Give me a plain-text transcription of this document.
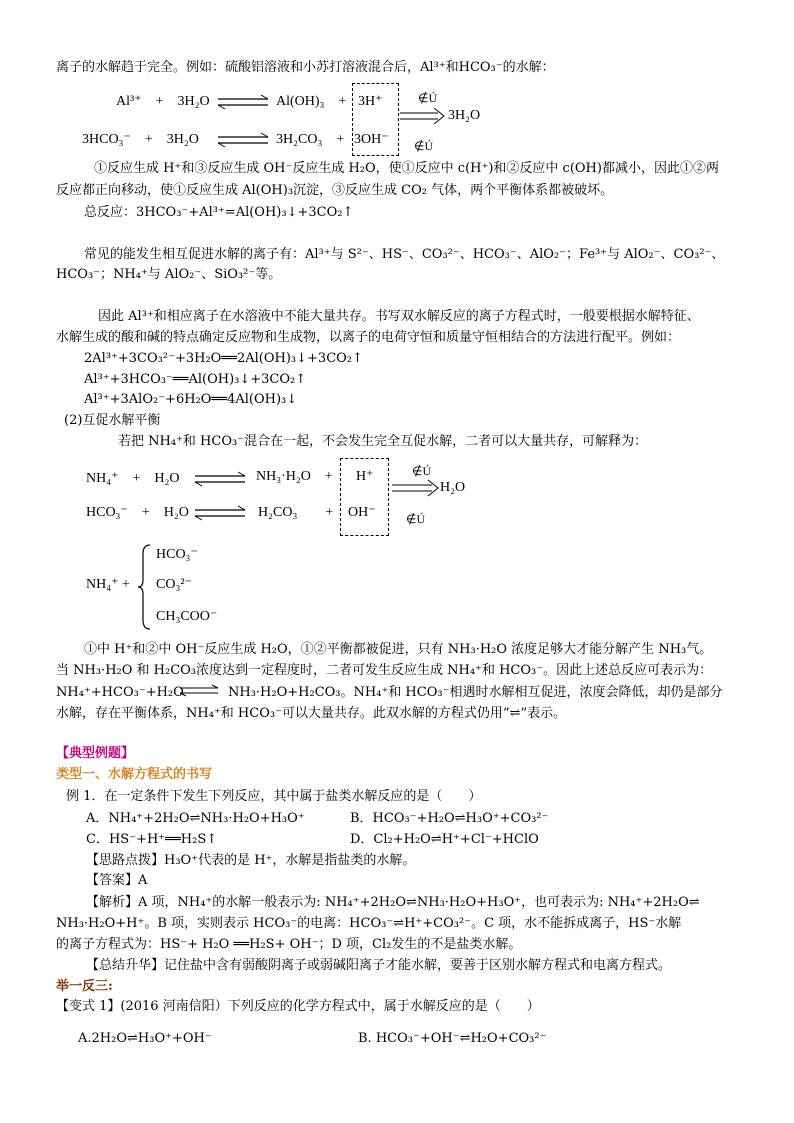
离子的水解趋于完全。例如：硫酸铝溶液和小苏打溶液混合后，Al³⁺和HCO₃⁻的水解：
Al³⁺　+　3H₂O ⇌ Al(OH)₃　+ 3H⁺
3HCO₃⁻　+　3H₂O ⇌ 3H₂CO₃　+ 3OH⁻
∉Ú
3H₂O
∉Ú
①反应生成 H⁺和③反应生成 OH⁻反应生成 H₂O，使①反应中 c(H⁺)和②反应中 c(OH)都减小，因此①②两
反应都正向移动，使①反应生成 Al(OH)₃沉淀，③反应生成 CO₂ 气体，两个平衡体系都被破坏。
总反应：3HCO₃⁻+Al³⁺=Al(OH)₃↓+3CO₂↑
常见的能发生相互促进水解的离子有：Al³⁺与 S²⁻、HS⁻、CO₃²⁻、HCO₃⁻、AlO₂⁻；Fe³⁺与 AlO₂⁻、CO₃²⁻、
HCO₃⁻；NH₄⁺与 AlO₂⁻、SiO₃²⁻等。
因此 Al³⁺和相应离子在水溶液中不能大量共存。书写双水解反应的离子方程式时，一般要根据水解特征、
水解生成的酸和碱的特点确定反应物和生成物，以离子的电荷守恒和质量守恒相结合的方法进行配平。例如：
2Al³⁺+3CO₃²⁻+3H₂O══2Al(OH)₃↓+3CO₂↑
Al³⁺+3HCO₃⁻══Al(OH)₃↓+3CO₂↑
Al³⁺+3AlO₂⁻+6H₂O══4Al(OH)₃↓
(2)互促水解平衡
若把 NH₄⁺和 HCO₃⁻混合在一起，不会发生完全互促水解，二者可以大量共存，可解释为：
NH₄⁺　+　H₂O ⇌ NH₃·H₂O　+ H⁺
HCO₃⁻　+　H₂O ⇌ H₂CO₃　　+ OH⁻
∉Ú
H₂O
∉Ú
NH₄⁺ +
HCO₃⁻
CO₃²⁻
CH₃COO⁻
①中 H⁺和②中 OH⁻反应生成 H₂O，①②平衡都被促进，只有 NH₃·H₂O 浓度足够大才能分解产生 NH₃气。
当 NH₃·H₂O 和 H₂CO₃浓度达到一定程度时，二者可发生反应生成 NH₄⁺和 HCO₃⁻。因此上述总反应可表示为：
NH₄⁺+HCO₃⁻+H₂O ⇌ NH₃·H₂O+H₂CO₃。NH₄⁺和 HCO₃⁻相遇时水解相互促进，浓度会降低，却仍是部分
水解，存在平衡体系，NH₄⁺和 HCO₃⁻可以大量共存。此双水解的方程式仍用“⇌”表示。
【典型例题】
类型一、水解方程式的书写
例 1．在一定条件下发生下列反应，其中属于盐类水解反应的是（　　）
A．NH₄⁺+2H₂O⇌NH₃·H₂O+H₃O⁺	B．HCO₃⁻+H₂O⇌H₃O⁺+CO₃²⁻
C．HS⁻+H⁺══H₂S↑	D．Cl₂+H₂O⇌H⁺+Cl⁻+HClO
【思路点拨】H₃O⁺代表的是 H⁺，水解是指盐类的水解。
【答案】A
【解析】A 项，NH₄⁺的水解一般表示为: NH₄⁺+2H₂O⇌NH₃·H₂O+H₃O⁺，也可表示为: NH₄⁺+2H₂O⇌
NH₃·H₂O+H⁺。B 项，实则表示 HCO₃⁻的电离：HCO₃⁻⇌H⁺+CO₃²⁻。C 项，水不能拆成离子，HS⁻水解
的离子方程式为：HS⁻+ H₂O ══H₂S+ OH⁻；D 项，Cl₂发生的不是盐类水解。
【总结升华】记住盐中含有弱酸阴离子或弱碱阳离子才能水解，要善于区别水解方程式和电离方程式。
举一反三:
【变式 1】(2016 河南信阳）下列反应的化学方程式中，属于水解反应的是（　　）
A.2H₂O⇌H₃O⁺+OH⁻	B. HCO₃⁻+OH⁻⇌H₂O+CO₃²⁻
